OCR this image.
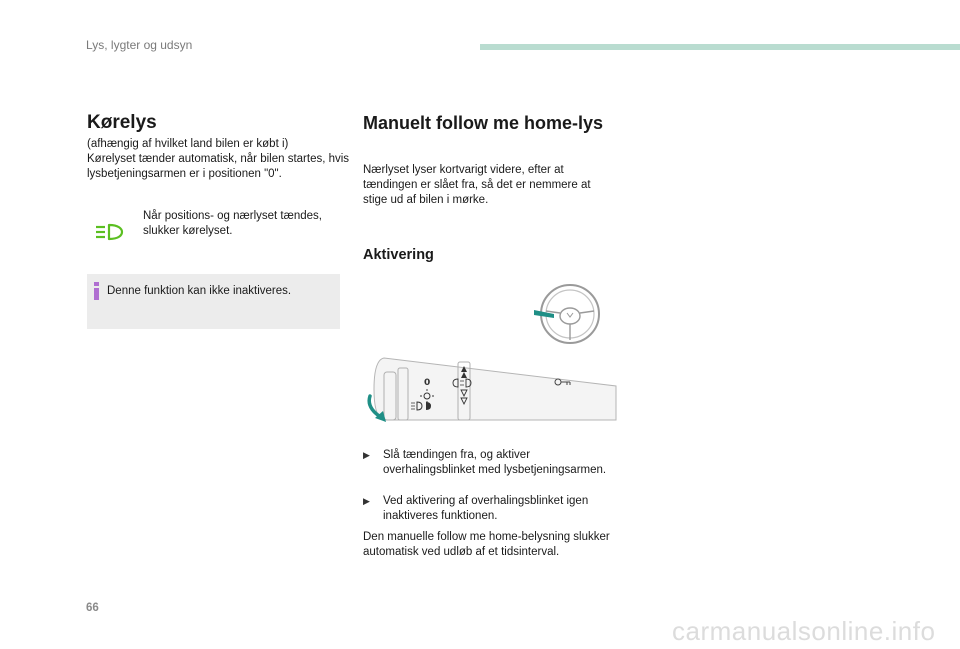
Lys, lygter og udsyn
Kørelys
(afhængig af hvilket land bilen er købt i)
Kørelyset tænder automatisk, når bilen startes, hvis lysbetjeningsarmen er i positionen "0".
Når positions- og nærlyset tændes, slukker kørelyset.
Denne funktion kan ikke inaktiveres.
Manuelt follow me home-lys
Nærlyset lyser kortvarigt videre, efter at tændingen er slået fra, så det er nemmere at stige ud af bilen i mørke.
Aktivering
0
▶ Slå tændingen fra, og aktiver overhalingsblinket med lysbetjeningsarmen.
▶ Ved aktivering af overhalingsblinket igen inaktiveres funktionen.
Den manuelle follow me home-belysning slukker automatisk ved udløb af et tidsinterval.
66
carmanualsonline.info
